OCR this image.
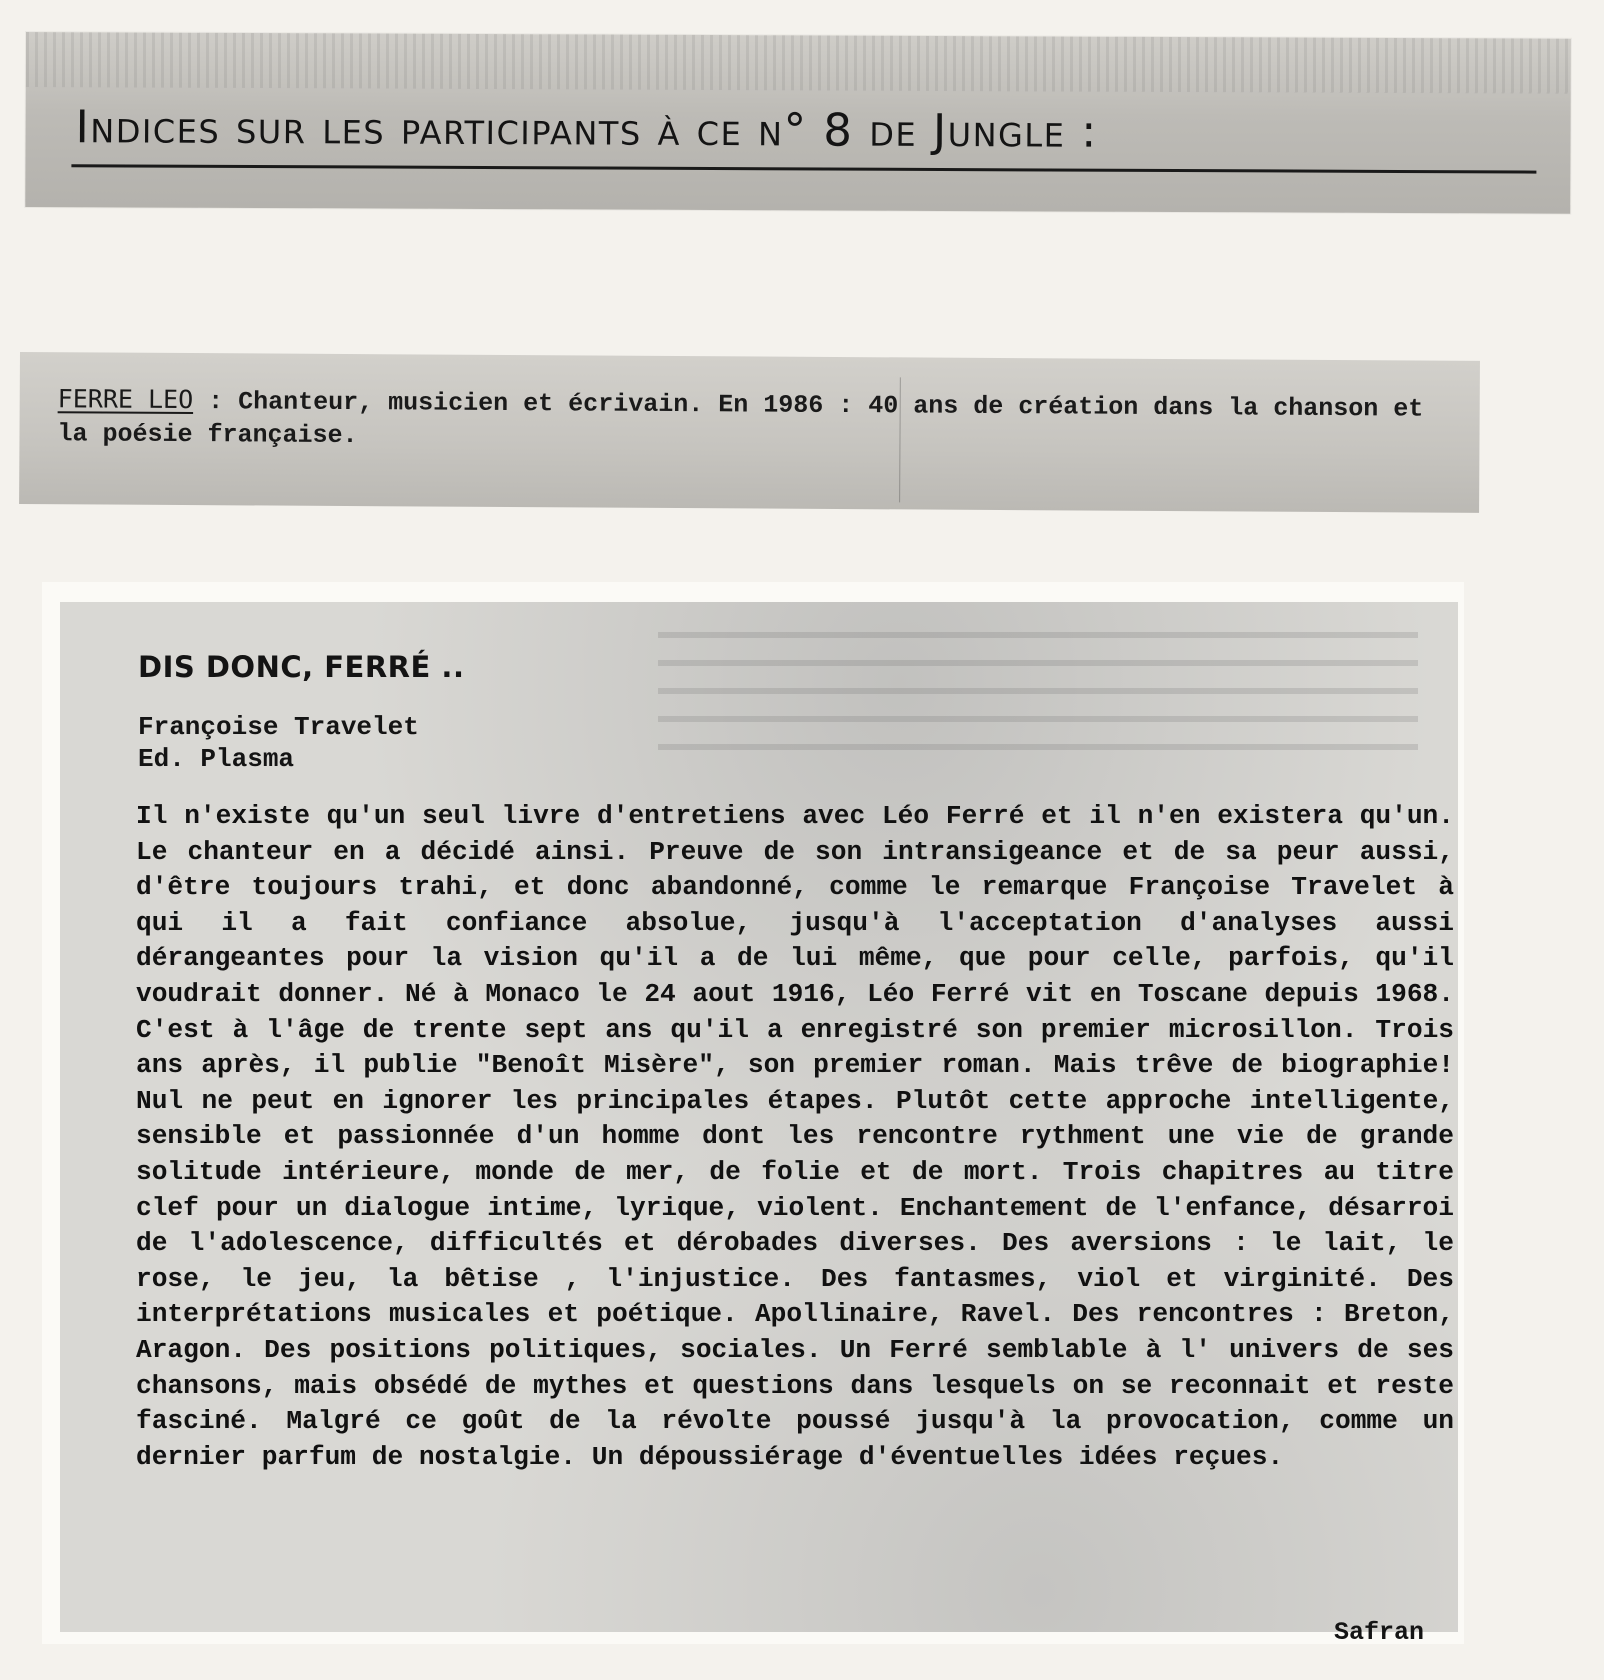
Indices sur les participants à ce n° 8 de Jungle :

FERRE LEO : Chanteur, musicien et écrivain. En 1986 : 40 ans de création dans la chanson et la poésie française.

DIS DONC, FERRÉ ..

Françoise Travelet

Ed. Plasma

Il n'existe qu'un seul livre d'entretiens avec Léo Ferré et il n'en existera qu'un. Le chanteur en a décidé ainsi. Preuve de son intransigeance et de sa peur aussi, d'être toujours trahi, et donc abandonné, comme le remarque Françoise Travelet à qui il a fait confiance absolue, jusqu'à l'acceptation d'analyses aussi dérangeantes pour la vision qu'il a de lui même, que pour celle, parfois, qu'il voudrait donner. Né à Monaco le 24 aout 1916, Léo Ferré vit en Toscane depuis 1968. C'est à l'âge de trente sept ans qu'il a enregistré son premier microsillon. Trois ans après, il publie "Benoît Misère", son premier roman. Mais trêve de biographie! Nul ne peut en ignorer les principales étapes. Plutôt cette approche intelligente, sensible et passionnée d'un homme dont les rencontre rythment une vie de grande solitude intérieure, monde de mer, de folie et de mort. Trois chapitres au titre clef pour un dialogue intime, lyrique, violent. Enchantement de l'enfance, désarroi de l'adolescence, difficultés et dérobades diverses. Des aversions : le lait, le rose, le jeu, la bêtise , l'injustice. Des fantasmes, viol et virginité. Des interprétations musicales et poétique. Apollinaire, Ravel. Des rencontres : Breton, Aragon. Des positions politiques, sociales. Un Ferré semblable à l' univers de ses chansons, mais obsédé de mythes et questions dans lesquels on se reconnait et reste fasciné. Malgré ce goût de la révolte poussé jusqu'à la provocation, comme un dernier parfum de nostalgie. Un dépoussiérage d'éventuelles idées reçues.

Safran
